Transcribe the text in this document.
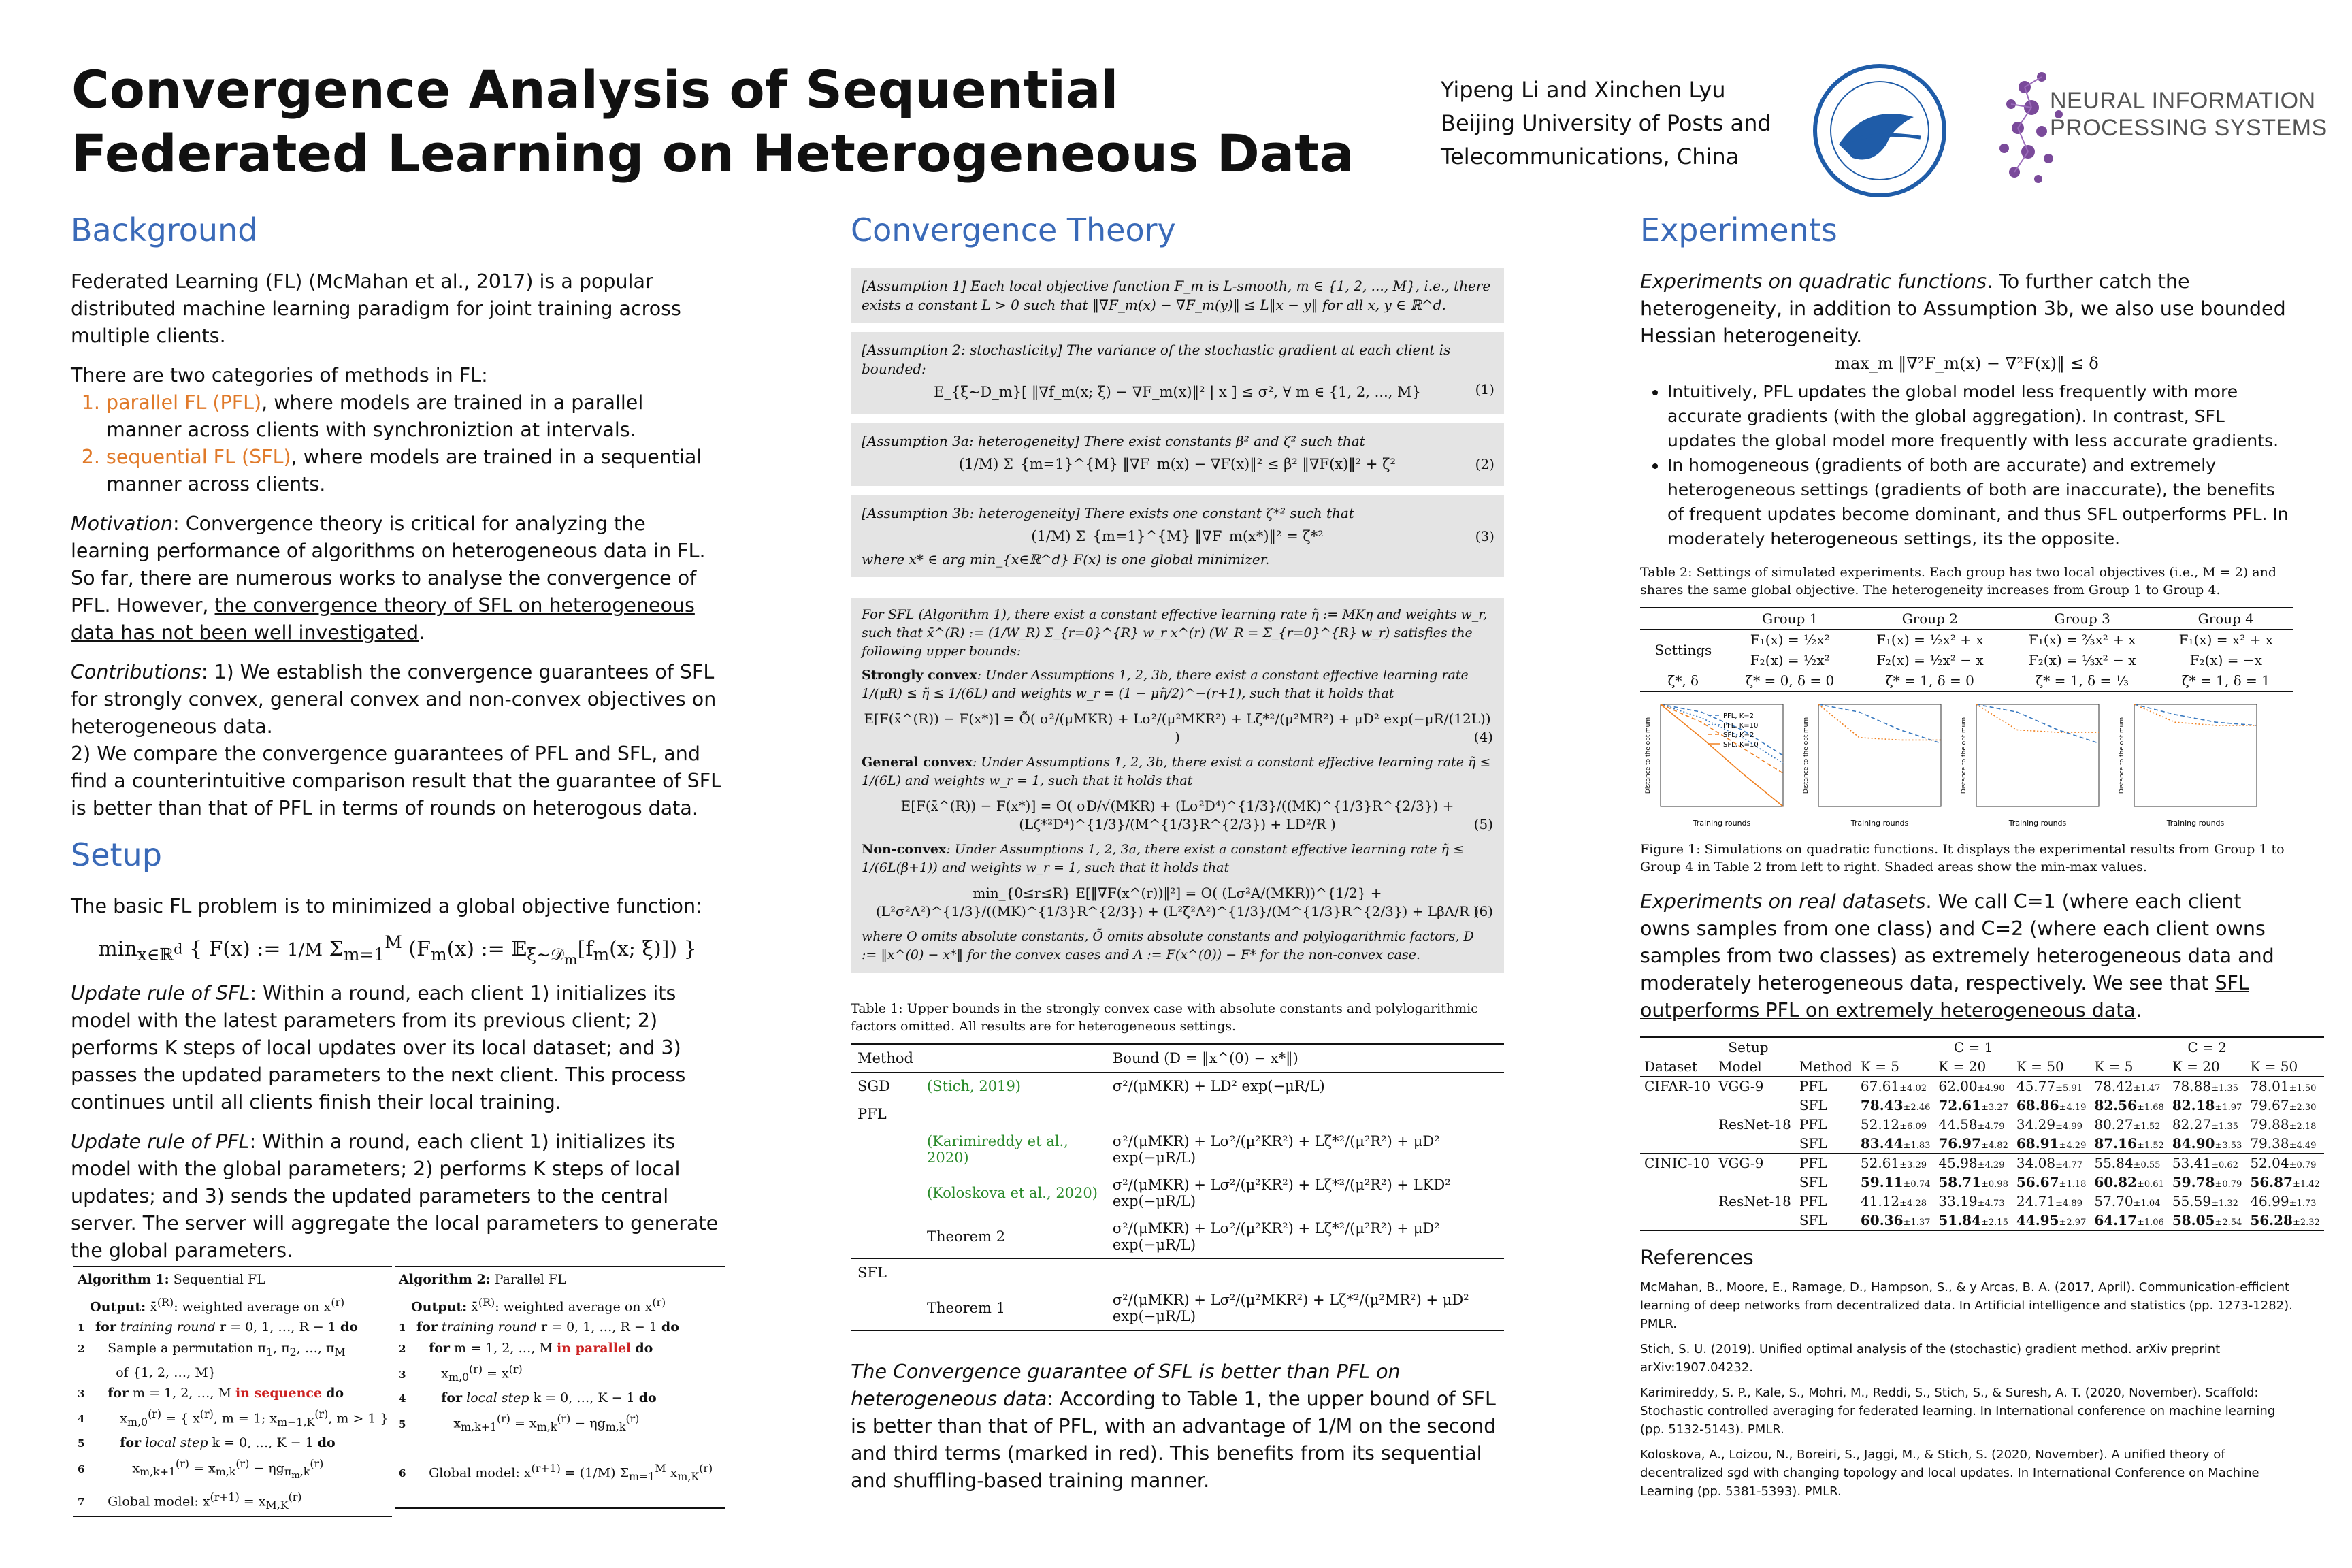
Convergence Analysis of Sequential
Federated Learning on Heterogeneous Data
Yipeng Li and Xinchen Lyu
Beijing University of Posts and
Telecommunications, China
NEURAL INFORMATION
PROCESSING SYSTEMS
Background

Federated Learning (FL) (McMahan et al., 2017) is a popular distributed machine learning paradigm for joint training across multiple clients.

There are two categories of methods in FL:

1. parallel FL (PFL), where models are trained in a parallel manner across clients with synchroniztion at intervals.
2. sequential FL (SFL), where models are trained in a sequential manner across clients.

Motivation: Convergence theory is critical for analyzing the learning performance of algorithms on heterogeneous data in FL. So far, there are numerous works to analyse the convergence of PFL. However, the convergence theory of SFL on heterogeneous data has not been well investigated.

Contributions: 1) We establish the convergence guarantees of SFL for strongly convex, general convex and non-convex objectives on heterogeneous data.

2) We compare the convergence guarantees of PFL and SFL, and find a counterintuitive comparison result that the guarantee of SFL is better than that of PFL in terms of rounds on heterogous data.

Setup

The basic FL problem is to minimized a global objective function:

$\min_{x\in ℝ^d}$ { F(x) := 1/M $\Sigma_{m=1}^M$ ($F_m(x)$ := $𝔼_{\xi\sim 𝒟_m}[f_m(x$; ξ)]) }

Update rule of SFL: Within a round, each client 1) initializes its model with the latest parameters from its previous client; 2) performs K steps of local updates over its local dataset; and 3) passes the updated parameters to the next client. This process continues until all clients finish their local training.

Update rule of PFL: Within a round, each client 1) initializes its model with the global parameters; 2) performs K steps of local updates; and 3) sends the updated parameters to the central server. The server will aggregate the local parameters to generate the global parameters.

Algorithm 1: Sequential FL
Output: x̄$^{(R)}$: weighted average on $x^{(r)}$
1 for training round r = 0, 1, …, R − 1 do
2   Sample a permutation $\pi_1$, $\pi_2$, …, $\pi_M$
of {1, 2, …, M}
3 for m = 1, 2, …, M in sequence do
4      $x_{m,0}^{(r)}$ = { $x^{(r)}$, m = 1; $x_{m-1,K}^{(r)}$, m > 1 }
5	for local step k = 0, …, K − 1 do
6         $x_{m,k+1}^{(r)} = x_{m,k}^{(r)} - \eta g_{\pi_m,k}^{(r)}$
7   Global model: $x^{(r+1)} = x_{M,K}^{(r)}$
Algorithm 2: Parallel FL
Output: x̄$^{(R)}$: weighted average on $x^{(r)}$
1 for training round r = 0, 1, …, R − 1 do
2 for m = 1, 2, …, M in parallel do
3      $x_{m,0}^{(r)} = x^{(r)}$
4	for local step k = 0, …, K − 1 do
5         $x_{m,k+1}^{(r)} = x_{m,k}^{(r)} - \eta g_{m,k}^{(r)}$
6   Global model: $x^{(r+1)} = (1/M)$ $\Sigma_{m=1}^M$ $x_{m,K}^{(r)}$
Convergence Theory
[Assumption 1] Each local objective function F_m is L-smooth, m ∈ {1, 2, ..., M}, i.e., there exists a constant L > 0 such that ‖∇F_m(x) − ∇F_m(y)‖ ≤ L‖x − y‖ for all x, y ∈ ℝ^d.
[Assumption 2: stochasticity] The variance of the stochastic gradient at each client is bounded:
E_{ξ∼D_m}[ ‖∇f_m(x; ξ) − ∇F_m(x)‖² | x ] ≤ σ², ∀ m ∈ {1, 2, ..., M}	(1)
[Assumption 3a: heterogeneity] There exist constants β² and ζ² such that
(1/M) Σ_{m=1}^{M} ‖∇F_m(x) − ∇F(x)‖² ≤ β² ‖∇F(x)‖² + ζ²	(2)
[Assumption 3b: heterogeneity] There exists one constant ζ*² such that
(1/M) Σ_{m=1}^{M} ‖∇F_m(x*)‖² = ζ*²
where x* ∈ arg min_{x∈ℝ^d} F(x) is one global minimizer.
(3)
For SFL (Algorithm 1), there exist a constant effective learning rate η̃ := MKη and weights w_r, such that x̄^(R) := (1/W_R) Σ_{r=0}^{R} w_r x^(r) (W_R = Σ_{r=0}^{R} w_r) satisfies the following upper bounds:
Strongly convex: Under Assumptions 1, 2, 3b, there exist a constant effective learning rate 1/(μR) ≤ η̃ ≤ 1/(6L) and weights w_r = (1 − μη̃/2)^−(r+1), such that it holds that
E[F(x̄^(R)) − F(x*)] = Õ( σ²/(μMKR) + Lσ²/(μ²MKR²) + Lζ*²/(μ²MR²) + μD² exp(−μR/(12L)) )	(4)
General convex: Under Assumptions 1, 2, 3b, there exist a constant effective learning rate η̃ ≤ 1/(6L) and weights w_r = 1, such that it holds that
E[F(x̄^(R)) − F(x*)] = O( σD/√(MKR) + (Lσ²D⁴)^{1/3}/((MK)^{1/3}R^{2/3}) + (Lζ*²D⁴)^{1/3}/(M^{1/3}R^{2/3}) + LD²/R )	(5)
Non-convex: Under Assumptions 1, 2, 3a, there exist a constant effective learning rate η̃ ≤ 1/(6L(β+1)) and weights w_r = 1, such that it holds that
min_{0≤r≤R} E[‖∇F(x^(r))‖²] = O( (Lσ²A/(MKR))^{1/2} + (L²σ²A²)^{1/3}/((MK)^{1/3}R^{2/3}) + (L²ζ²A²)^{1/3}/(M^{1/3}R^{2/3}) + LβA/R )
(6)
where O omits absolute constants, Õ omits absolute constants and polylogarithmic factors, D := ‖x^(0) − x*‖ for the convex cases and A := F(x^(0)) − F* for the non-convex case.

Table 1: Upper bounds in the strongly convex case with absolute constants and polylogarithmic factors omitted. All results are for heterogeneous settings.

Method		Bound (D = ‖x^(0) − x*‖)
SGD	(Stich, 2019)	σ²/(μMKR) + LD² exp(−μR/L)
PFL		
	(Karimireddy et al., 2020)	σ²/(μMKR) + Lσ²/(μ²KR²) + Lζ*²/(μ²R²) + μD² exp(−μR/L)
	(Koloskova et al., 2020)	σ²/(μMKR) + Lσ²/(μ²KR²) + Lζ*²/(μ²R²) + LKD² exp(−μR/L)
	Theorem 2	σ²/(μMKR) + Lσ²/(μ²KR²) + Lζ*²/(μ²R²) + μD² exp(−μR/L)
SFL		
	Theorem 1	σ²/(μMKR) + Lσ²/(μ²MKR²) + Lζ*²/(μ²MR²) + μD² exp(−μR/L)

The Convergence guarantee of SFL is better than PFL on heterogeneous data: According to Table 1, the upper bound of SFL is better than that of PFL, with an advantage of 1/M on the second and third terms (marked in red). This benefits from its sequential and shuffling-based training manner.

Experiments

Experiments on quadratic functions. To further catch the heterogeneity, in addition to Assumption 3b, we also use bounded Hessian heterogeneity.

max_m ‖∇²F_m(x) − ∇²F(x)‖ ≤ δ
• Intuitively, PFL updates the global model less frequently with more accurate gradients (with the global aggregation). In contrast, SFL updates the global model more frequently with less accurate gradients.
• In homogeneous (gradients of both are accurate) and extremely heterogeneous settings (gradients of both are inaccurate), the benefits of frequent updates become dominant, and thus SFL outperforms PFL. In moderately heterogeneous settings, its the opposite.

Table 2: Settings of simulated experiments. Each group has two local objectives (i.e., M = 2) and shares the same global objective. The heterogeneity increases from Group 1 to Group 4.

	Group 1	Group 2	Group 3	Group 4
Settings	F₁(x) = ½x²	F₁(x) = ½x² + x	F₁(x) = ⅔x² + x	F₁(x) = x² + x
	F₂(x) = ½x²	F₂(x) = ½x² − x	F₂(x) = ⅓x² − x	F₂(x) = −x
ζ*, δ	ζ* = 0, δ = 0	ζ* = 1, δ = 0	ζ* = 1, δ = ⅓	ζ* = 1, δ = 1
Training rounds
Distance to the optimum
PFL, K=2
PFL, K=10
SFL, K=2
SFL, K=10
Training rounds
Distance to the optimum
Training rounds
Distance to the optimum
Training rounds
Distance to the optimum

Figure 1: Simulations on quadratic functions. It displays the experimental results from Group 1 to Group 4 in Table 2 from left to right. Shaded areas show the min-max values.

Experiments on real datasets. We call C=1 (where each client owns samples from one class) and C=2 (where each client owns samples from two classes) as extremely heterogeneous data and moderately heterogeneous data, respectively. We see that SFL outperforms PFL on extremely heterogeneous data.

Setup			C = 1			C = 2		
Dataset	Model	Method	K = 5	K = 20	K = 50	K = 5	K = 20	K = 50
CIFAR-10	VGG-9	PFL	67.61±4.02	62.00±4.90	45.77±5.91	78.42±1.47	78.88±1.35	78.01±1.50
		SFL	78.43±2.46	72.61±3.27	68.86±4.19	82.56±1.68	82.18±1.97	79.67±2.30
	ResNet-18	PFL	52.12±6.09	44.58±4.79	34.29±4.99	80.27±1.52	82.27±1.35	79.88±2.18
		SFL	83.44±1.83	76.97±4.82	68.91±4.29	87.16±1.52	84.90±3.53	79.38±4.49
CINIC-10	VGG-9	PFL	52.61±3.29	45.98±4.29	34.08±4.77	55.84±0.55	53.41±0.62	52.04±0.79
		SFL	59.11±0.74	58.71±0.98	56.67±1.18	60.82±0.61	59.78±0.79	56.87±1.42
	ResNet-18	PFL	41.12±4.28	33.19±4.73	24.71±4.89	57.70±1.04	55.59±1.32	46.99±1.73
		SFL	60.36±1.37	51.84±2.15	44.95±2.97	64.17±1.06	58.05±2.54	56.28±2.32
References

McMahan, B., Moore, E., Ramage, D., Hampson, S., & y Arcas, B. A. (2017, April). Communication-efficient learning of deep networks from decentralized data. In Artificial intelligence and statistics (pp. 1273-1282). PMLR.

Stich, S. U. (2019). Unified optimal analysis of the (stochastic) gradient method. arXiv preprint arXiv:1907.04232.

Karimireddy, S. P., Kale, S., Mohri, M., Reddi, S., Stich, S., & Suresh, A. T. (2020, November). Scaffold: Stochastic controlled averaging for federated learning. In International conference on machine learning (pp. 5132-5143). PMLR.

Koloskova, A., Loizou, N., Boreiri, S., Jaggi, M., & Stich, S. (2020, November). A unified theory of decentralized sgd with changing topology and local updates. In International Conference on Machine Learning (pp. 5381-5393). PMLR.
